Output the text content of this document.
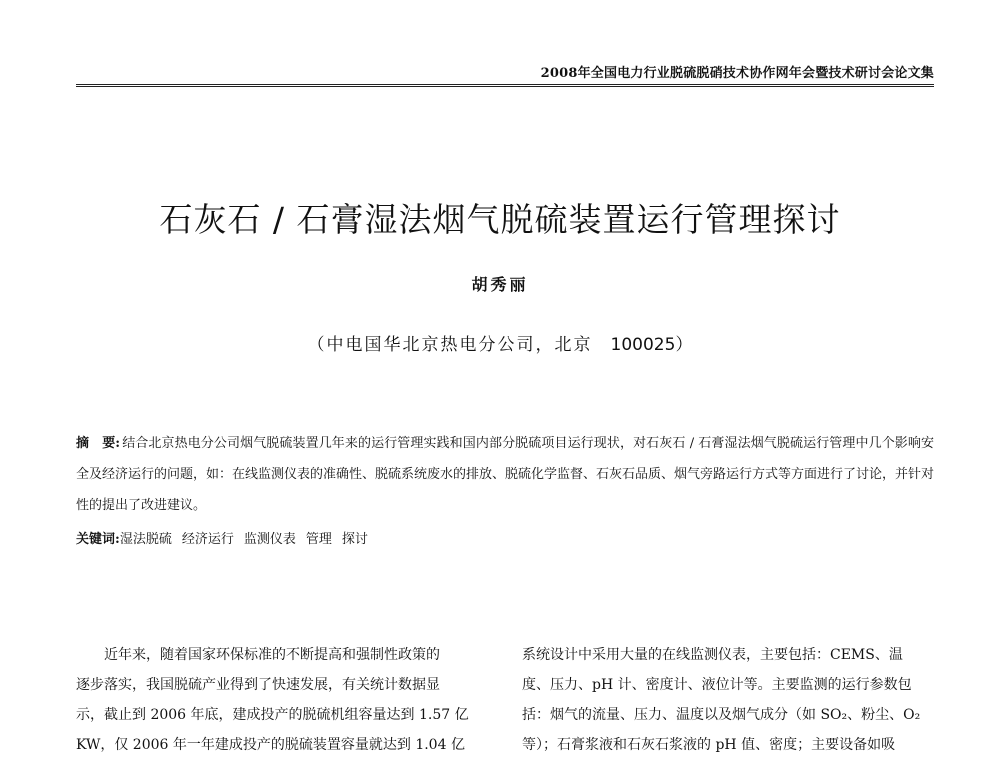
2008年全国电力行业脱硫脱硝技术协作网年会暨技术研讨会论文集
石灰石 / 石膏湿法烟气脱硫装置运行管理探讨
胡秀丽
（中电国华北京热电分公司，北京 100025）
摘　要: 结合北京热电分公司烟气脱硫装置几年来的运行管理实践和国内部分脱硫项目运行现状，对石灰石 / 石膏湿法烟气脱硫运行管理中几个影响安全及经济运行的问题，如：在线监测仪表的准确性、脱硫系统废水的排放、脱硫化学监督、石灰石品质、烟气旁路运行方式等方面进行了讨论，并针对性的提出了改进建议。
关键词:湿法脱硫 经济运行 监测仪表 管理 探讨
　　近年来，随着国家环保标准的不断提高和强制性政策的
逐步落实，我国脱硫产业得到了快速发展，有关统计数据显
示，截止到 2006 年底，建成投产的脱硫机组容量达到 1.57 亿
KW，仅 2006 年一年建成投产的脱硫装置容量就达到 1.04 亿
系统设计中采用大量的在线监测仪表，主要包括：CEMS、温
度、压力、pH 计、密度计、液位计等。主要监测的运行参数包
括：烟气的流量、压力、温度以及烟气成分（如 SO₂、粉尘、O₂
等）；石膏浆液和石灰石浆液的 pH 值、密度；主要设备如吸
